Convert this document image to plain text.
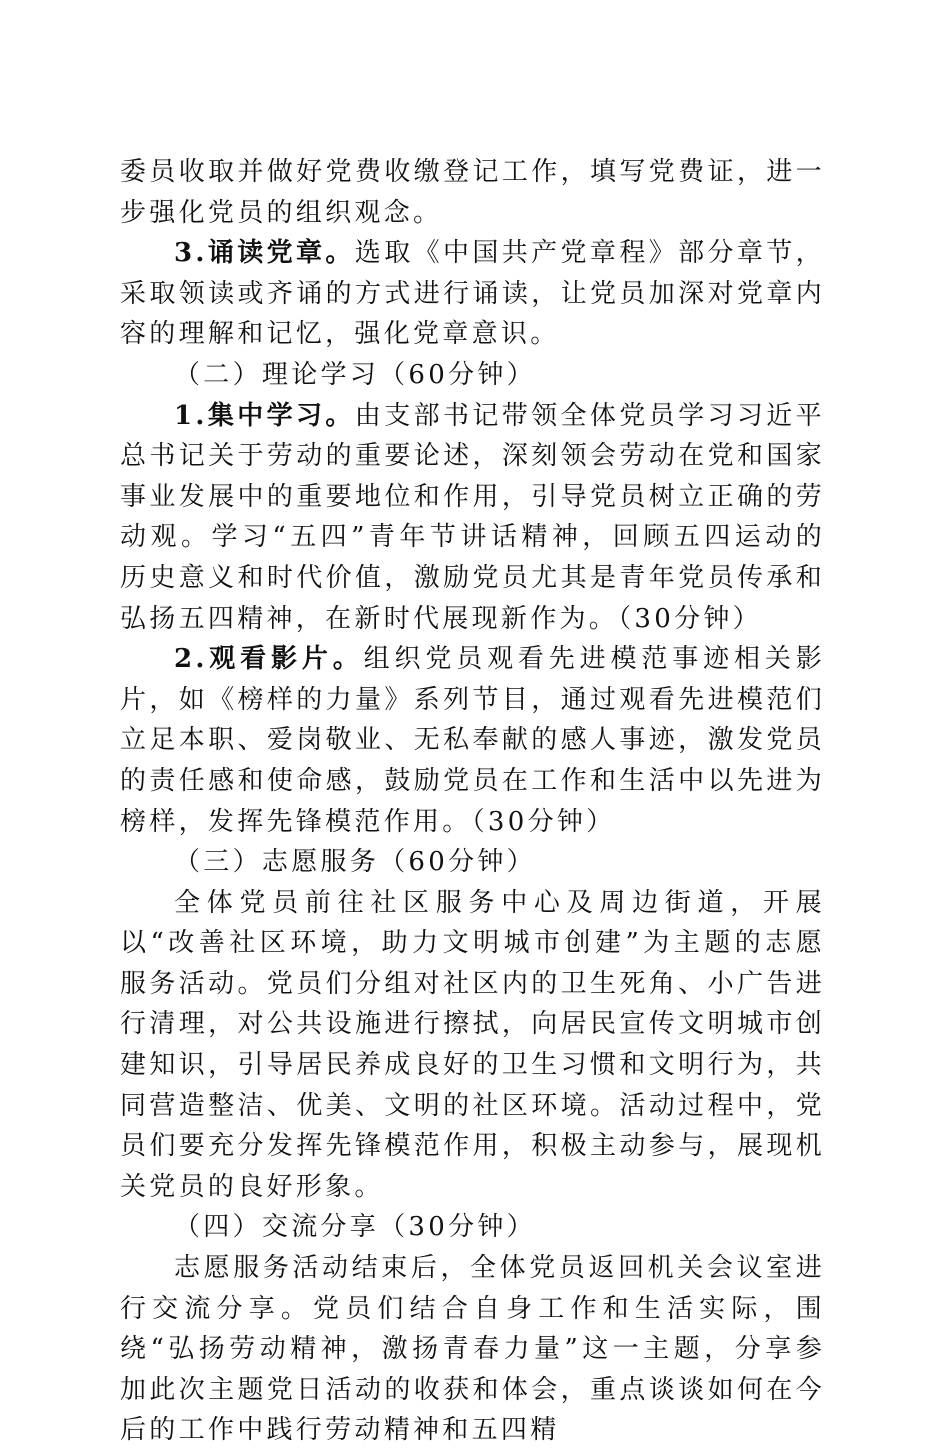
委员收取并做好党费收缴登记工作，填写党费证，进一步强化党员的组织观念。

3.诵读党章。选取《中国共产党章程》部分章节，采取领读或齐诵的方式进行诵读，让党员加深对党章内容的理解和记忆，强化党章意识。

（二）理论学习（60分钟）

1.集中学习。由支部书记带领全体党员学习习近平总书记关于劳动的重要论述，深刻领会劳动在党和国家事业发展中的重要地位和作用，引导党员树立正确的劳动观。学习“五四”青年节讲话精神，回顾五四运动的历史意义和时代价值，激励党员尤其是青年党员传承和弘扬五四精神，在新时代展现新作为。（30分钟）

2.观看影片。组织党员观看先进模范事迹相关影片，如《榜样的力量》系列节目，通过观看先进模范们立足本职、爱岗敬业、无私奉献的感人事迹，激发党员的责任感和使命感，鼓励党员在工作和生活中以先进为榜样，发挥先锋模范作用。（30分钟）

（三）志愿服务（60分钟）

全体党员前往社区服务中心及周边街道，开展以“改善社区环境，助力文明城市创建”为主题的志愿服务活动。党员们分组对社区内的卫生死角、小广告进行清理，对公共设施进行擦拭，向居民宣传文明城市创建知识，引导居民养成良好的卫生习惯和文明行为，共同营造整洁、优美、文明的社区环境。活动过程中，党员们要充分发挥先锋模范作用，积极主动参与，展现机关党员的良好形象。

（四）交流分享（30分钟）

志愿服务活动结束后，全体党员返回机关会议室进行交流分享。党员们结合自身工作和生活实际，围绕“弘扬劳动精神，激扬青春力量”这一主题，分享参加此次主题党日活动的收获和体会，重点谈谈如何在今后的工作中践行劳动精神和五四精
